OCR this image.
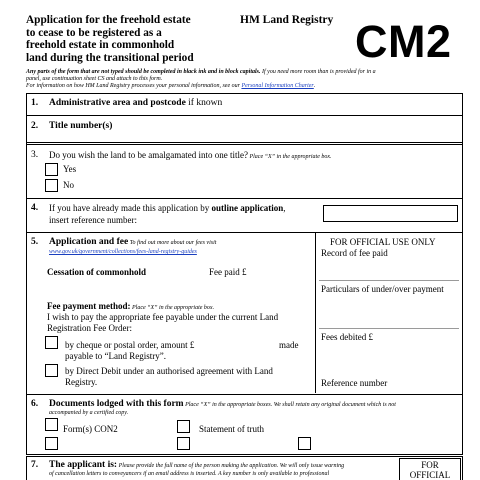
Application for the freehold estate
to cease to be registered as a
freehold estate in commonhold
land during the transitional period
HM Land Registry CM2
Any parts of the form that are not typed should be completed in black ink and in block capitals. If you need more room than is provided for in a
panel, use continuation sheet CS and attach to this form.
For information on how HM Land Registry processes your personal information, see our Personal Information Charter.
1. Administrative area and postcode if known
2. Title number(s)
3. Do you wish the land to be amalgamated into one title? Place “X” in the appropriate box.
Yes
No
4. If you have already made this application by outline application,
insert reference number:
5. Application and fee To find out more about our fees visit
www.gov.uk/government/collections/fees-land-registry-guides
Cessation of commonhold	Fee paid £
Fee payment method: Place “X” in the appropriate box.
I wish to pay the appropriate fee payable under the current Land
Registration Fee Order:
by cheque or postal order, amount £	made
payable to “Land Registry”.
by Direct Debit under an authorised agreement with Land
Registry.
FOR OFFICIAL USE ONLY
Record of fee paid
Particulars of under/over payment
Fees debited £
Reference number
6. Documents lodged with this form Place “X” in the appropriate boxes. We shall retain any original document which is not
accompanied by a certified copy.
Form(s) CON2	Statement of truth
7. The applicant is: Please provide the full name of the person making the application. We will only issue warning
of cancellation letters to conveyancers if an email address is inserted. A key number is only available to professional
FOR
OFFICIAL
